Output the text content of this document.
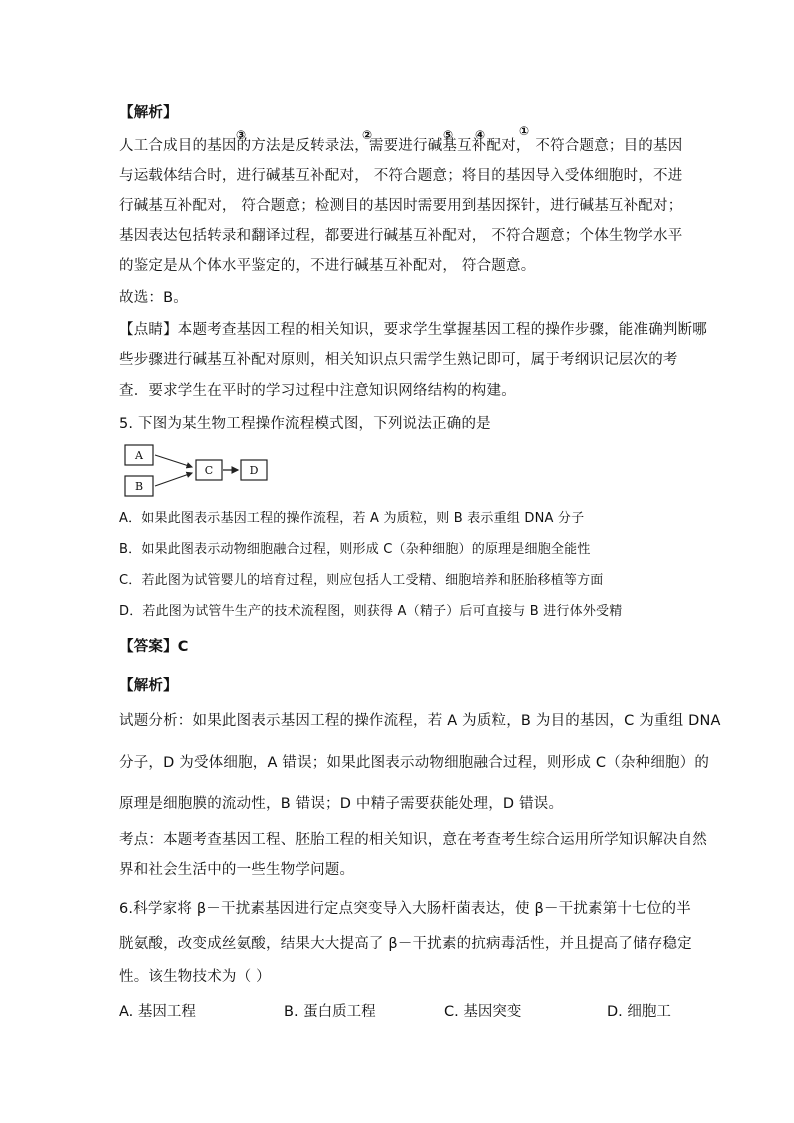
【解析】
人工合成目的基因的方法是反转录法，需要进行碱基互补配对， 不符合题意；目的基因
与运载体结合时，进行碱基互补配对， 不符合题意；将目的基因导入受体细胞时，不进
行碱基互补配对， 符合题意；检测目的基因时需要用到基因探针，进行碱基互补配对；
基因表达包括转录和翻译过程，都要进行碱基互补配对， 不符合题意；个体生物学水平
的鉴定是从个体水平鉴定的，不进行碱基互补配对， 符合题意。
③	②	⑤ ④	①
故选：B。
【点睛】本题考查基因工程的相关知识，要求学生掌握基因工程的操作步骤，能准确判断哪
些步骤进行碱基互补配对原则，相关知识点只需学生熟记即可，属于考纲识记层次的考
查．要求学生在平时的学习过程中注意知识网络结构的构建。
5. 下图为某生物工程操作流程模式图，下列说法正确的是
A
B
C	D
A．如果此图表示基因工程的操作流程，若 A 为质粒，则 B 表示重组 DNA 分子
B．如果此图表示动物细胞融合过程，则形成 C（杂种细胞）的原理是细胞全能性
C．若此图为试管婴儿的培育过程，则应包括人工受精、细胞培养和胚胎移植等方面
D．若此图为试管牛生产的技术流程图，则获得 A（精子）后可直接与 B 进行体外受精
【答案】C
【解析】
试题分析：如果此图表示基因工程的操作流程，若 A 为质粒，B 为目的基因，C 为重组 DNA
分子，D 为受体细胞，A 错误；如果此图表示动物细胞融合过程，则形成 C（杂种细胞）的
原理是细胞膜的流动性，B 错误；D 中精子需要获能处理，D 错误。
考点：本题考查基因工程、胚胎工程的相关知识，意在考查考生综合运用所学知识解决自然
界和社会生活中的一些生物学问题。
6.科学家将 β－干扰素基因进行定点突变导入大肠杆菌表达，使 β－干扰素第十七位的半
胱氨酸，改变成丝氨酸，结果大大提高了 β－干扰素的抗病毒活性，并且提高了储存稳定
性。该生物技术为（ ）
A. 基因工程	B. 蛋白质工程	C. 基因突变	D. 细胞工
